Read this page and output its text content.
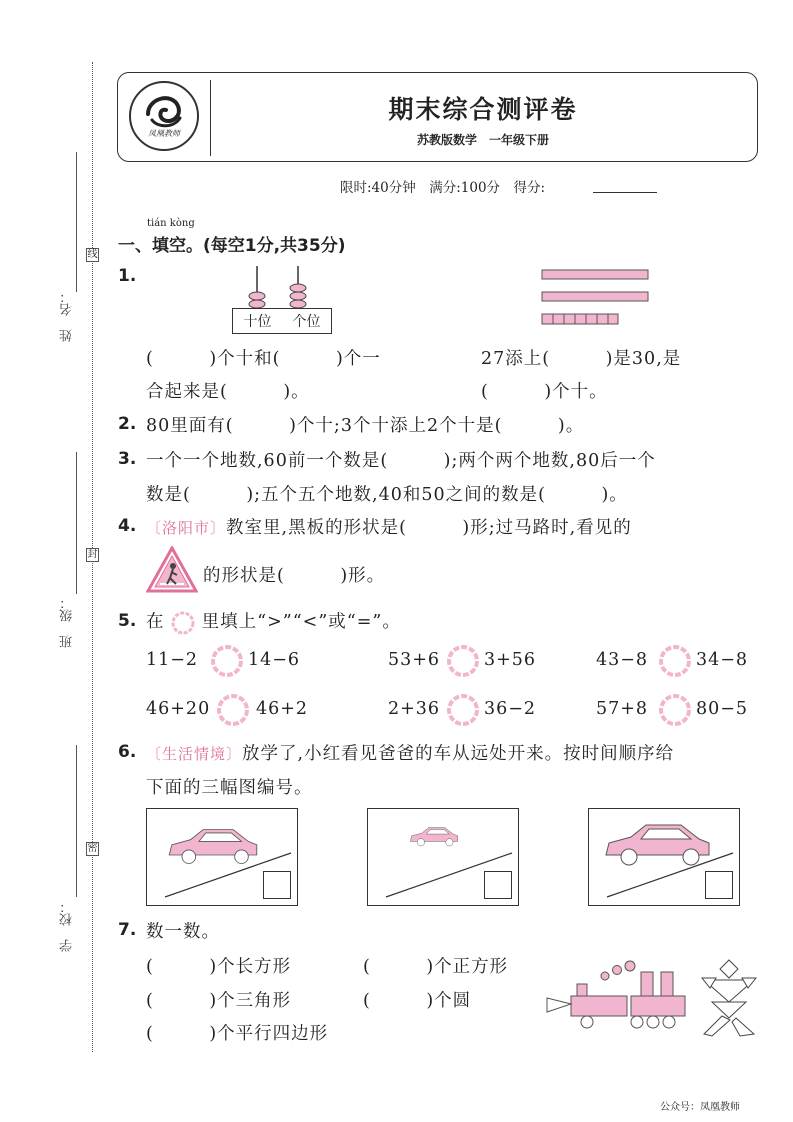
线
封
密
姓　名：
班　级：
学　校：
凤凰教师
期末综合测评卷
苏教版数学　一年级下册
限时:40分钟　满分:100分　得分:
tián kòng
一、填空。(每空1分,共35分)
1.
十位 个位
(　　　)个十和(　　　)个一	27添上(　　　)是30,是
合起来是(　　　)。	(　　　)个十。
2. 80里面有(　　　)个十;3个十添上2个十是(　　　)。
3. 一个一个地数,60前一个数是(　　　);两个两个地数,80后一个
数是(　　　);五个五个地数,40和50之间的数是(　　　)。
4. 〔洛阳市〕教室里,黑板的形状是(　　　)形;过马路时,看见的
的形状是(　　　)形。
5. 在 里填上“>”“<”或“=”。
11−2	14−6	53+6	3+56	43−8	34−8
46+20	46+2	2+36	36−2	57+8	80−5
6. 〔生活情境〕放学了,小红看见爸爸的车从远处开来。按时间顺序给
下面的三幅图编号。
7. 数一数。
(　　　)个长方形	(　　　)个正方形
(　　　)个三角形	(　　　)个圆
(　　　)个平行四边形
公众号：凤凰教师
